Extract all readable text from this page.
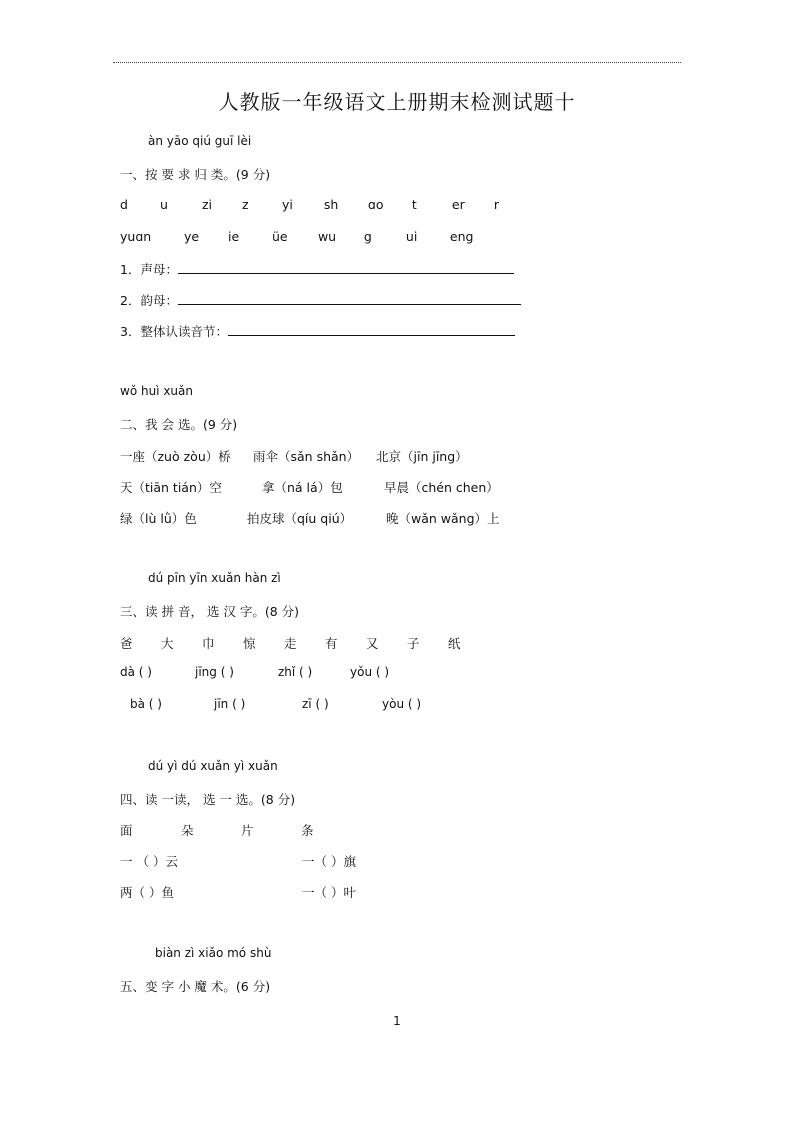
人教版一年级语文上册期末检测试题十
àn yāo qiú guī lèi
一、按 要 求 归 类。(9 分)
d	u	zi z	yi sh ɑo t	er r
yuɑn	ye ie	üe wu g	ui	eng
1．声母：
2．韵母：
3．整体认读音节：
wǒ huì xuǎn
二、我 会 选。(9 分)
一座（zuò zòu）桥 雨伞（sǎn shǎn） 北京（jīn jīng）
天（tiān tián）空	拿（ná lá）包	早晨（chén chen）
绿（lù lǜ）色	拍皮球（qíu qiú）	晚（wǎn wǎng）上
dú pīn yīn xuǎn hàn zì
三、读 拼 音， 选 汉 字。(8 分)
爸 大 巾 惊 走 有 又 子 纸
dà ( )	jīng ( )	zhǐ ( )	yǒu ( )
bà ( )	jīn ( )	zī ( )	yòu ( )
dú yì dú xuǎn yì xuǎn
四、读 一读， 选 一 选。(8 分)
面	朵	片	条
一 （ ）云	一（ ）旗
两（ ）鱼	一（ ）叶
biàn zì xiǎo mó shù
五、变 字 小 魔 术。(6 分)
1
